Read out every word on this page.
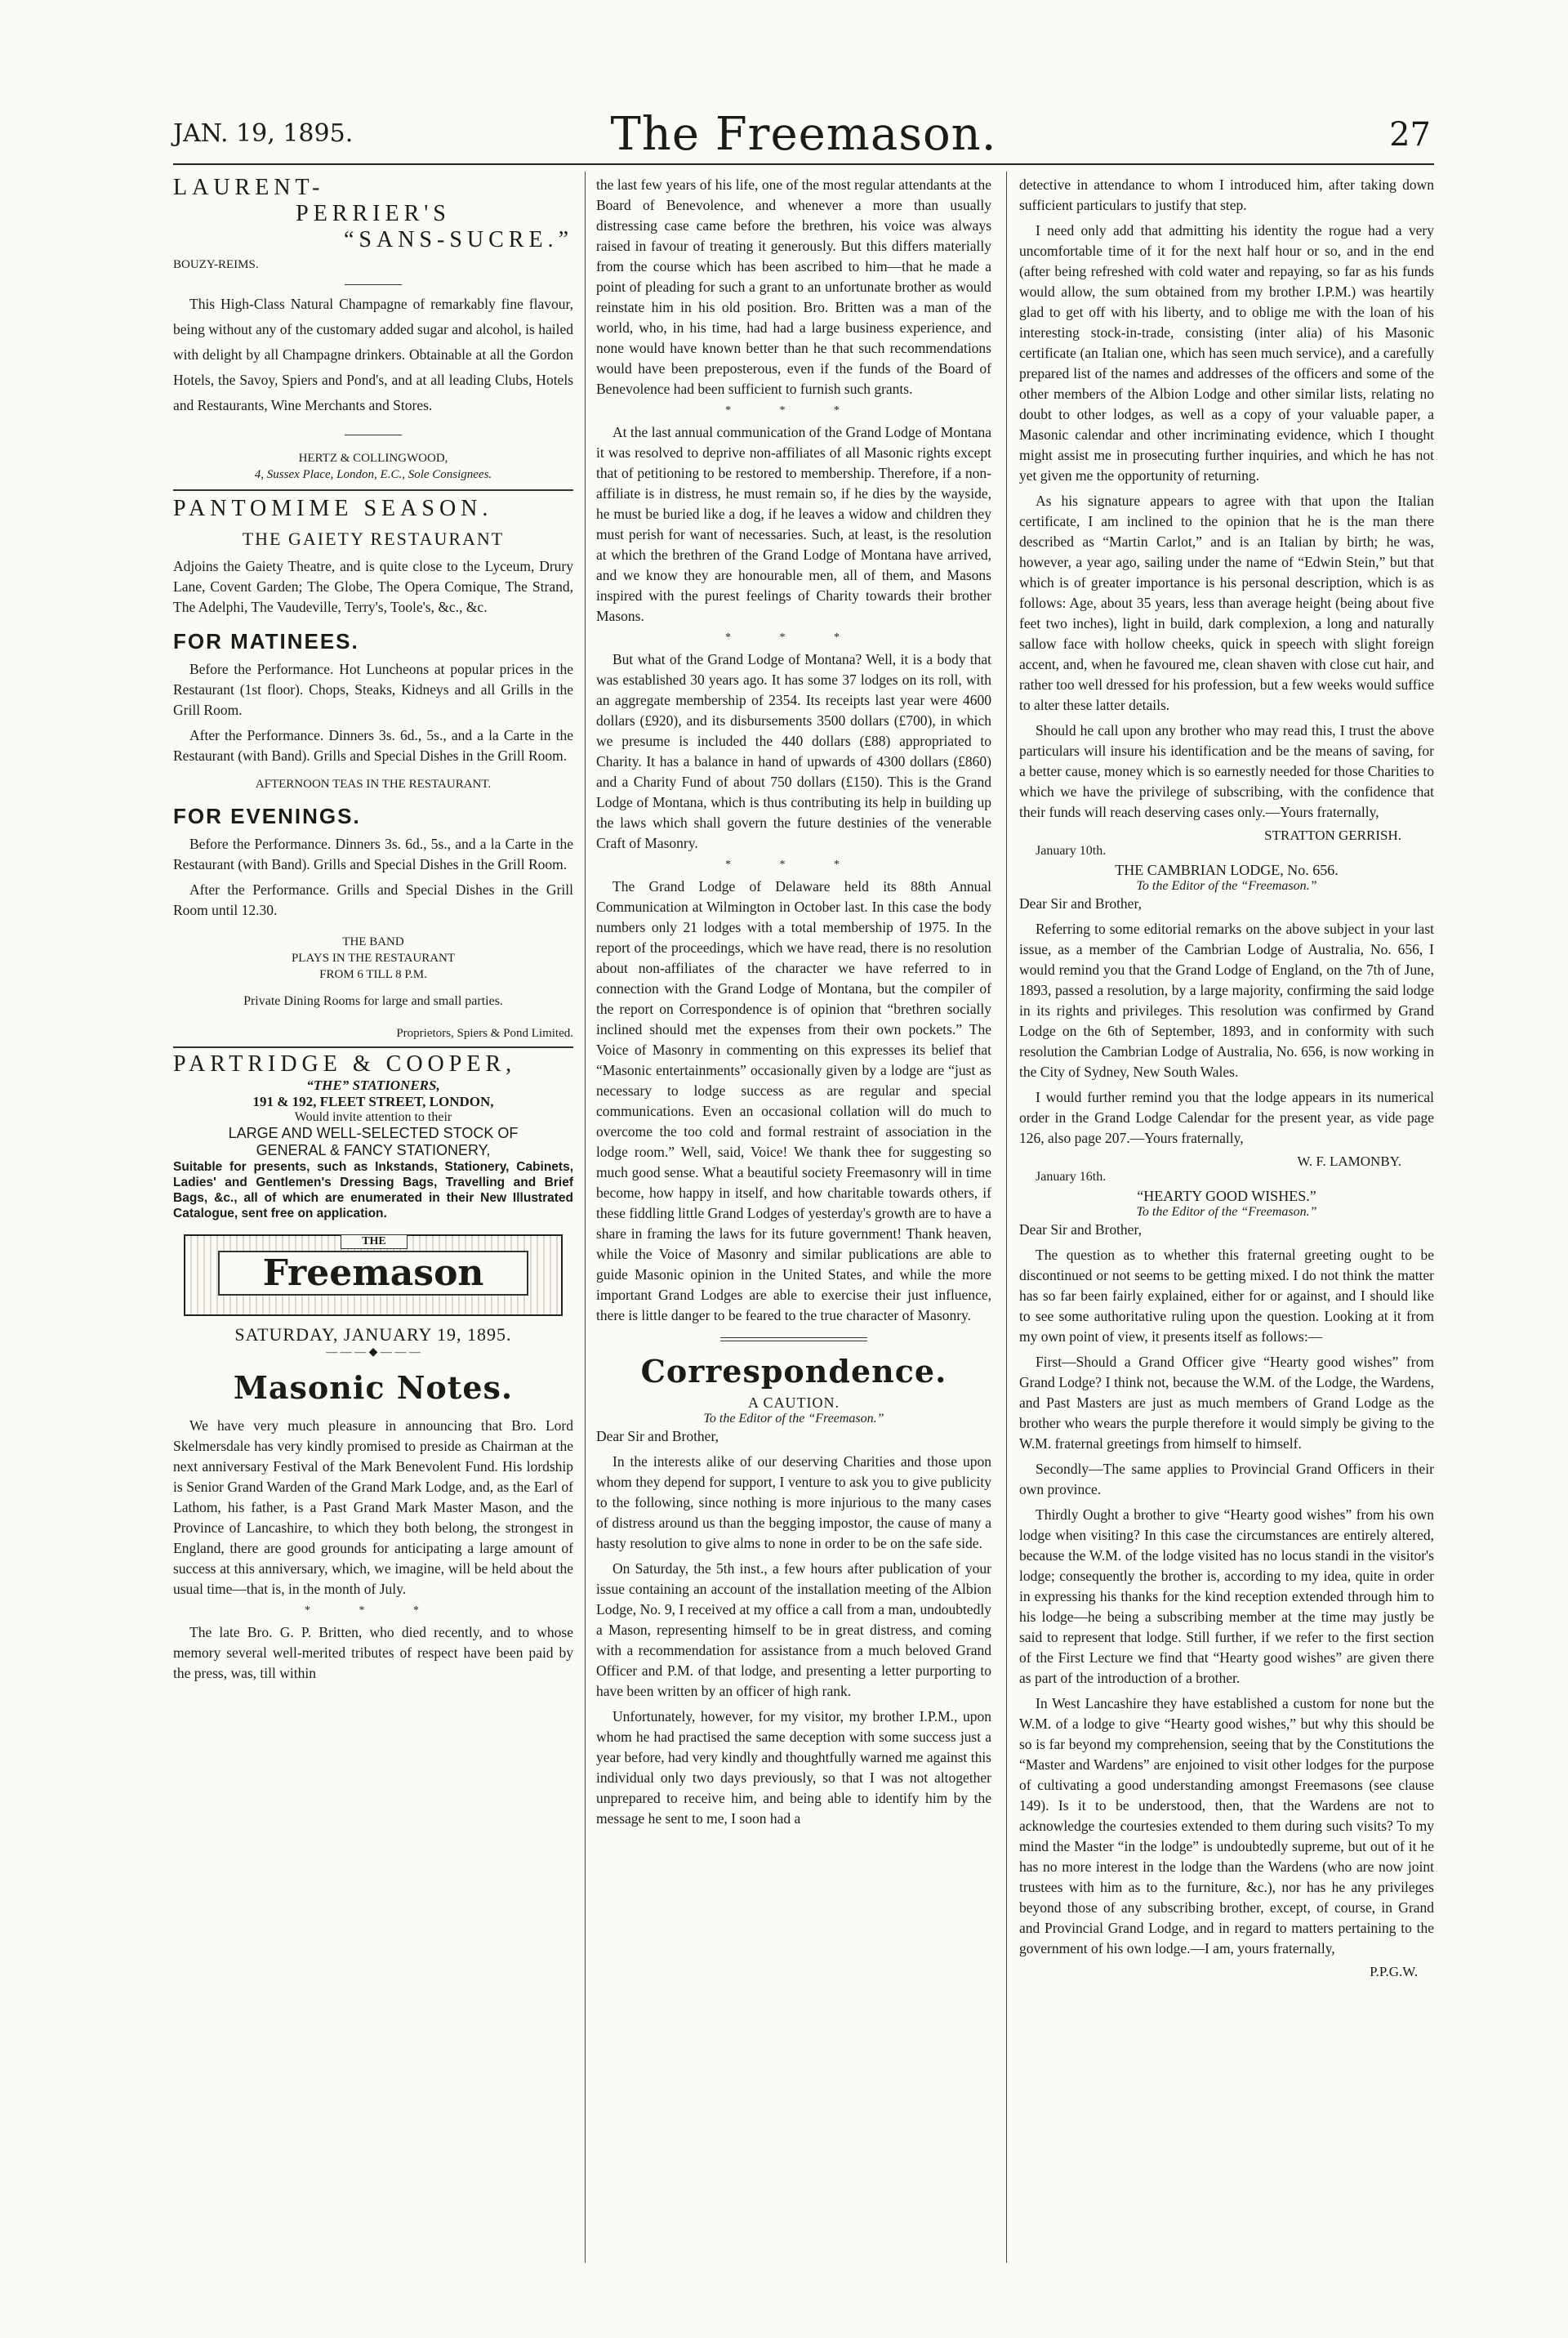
JAN. 19, 1895.	The Freemason.	27
LAURENT-
PERRIER'S
“SANS-SUCRE.”
BOUZY-REIMS.

This High-Class Natural Champagne of remarkably fine flavour, being without any of the customary added sugar and alcohol, is hailed with delight by all Champagne drinkers. Obtainable at all the Gordon Hotels, the Savoy, Spiers and Pond's, and at all leading Clubs, Hotels and Restaurants, Wine Merchants and Stores.

HERTZ & COLLINGWOOD,
4, Sussex Place, London, E.C., Sole Consignees.
PANTOMIME SEASON.
THE GAIETY RESTAURANT

Adjoins the Gaiety Theatre, and is quite close to the Lyceum, Drury Lane, Covent Garden; The Globe, The Opera Comique, The Strand, The Adelphi, The Vaudeville, Terry's, Toole's, &c., &c.

FOR MATINEES.

Before the Performance. Hot Luncheons at popular prices in the Restaurant (1st floor). Chops, Steaks, Kidneys and all Grills in the Grill Room.

After the Performance. Dinners 3s. 6d., 5s., and a la Carte in the Restaurant (with Band). Grills and Special Dishes in the Grill Room.

AFTERNOON TEAS IN THE RESTAURANT.
FOR EVENINGS.

Before the Performance. Dinners 3s. 6d., 5s., and a la Carte in the Restaurant (with Band). Grills and Special Dishes in the Grill Room.

After the Performance. Grills and Special Dishes in the Grill Room until 12.30.

THE BAND
PLAYS IN THE RESTAURANT
FROM 6 TILL 8 P.M.
Private Dining Rooms for large and small parties.
Proprietors, Spiers & Pond Limited.
PARTRIDGE & COOPER,
“THE” STATIONERS,
191 & 192, FLEET STREET, LONDON,
Would invite attention to their
LARGE AND WELL-SELECTED STOCK OF
GENERAL & FANCY STATIONERY,

Suitable for presents, such as Inkstands, Stationery, Cabinets, Ladies' and Gentlemen's Dressing Bags, Travelling and Brief Bags, &c., all of which are enumerated in their New Illustrated Catalogue, sent free on application.

THE
Freemason
SATURDAY, JANUARY 19, 1895.
— — — ◆ — — —
Masonic Notes.

We have very much pleasure in announcing that Bro. Lord Skelmersdale has very kindly promised to preside as Chairman at the next anniversary Festival of the Mark Benevolent Fund. His lordship is Senior Grand Warden of the Grand Mark Lodge, and, as the Earl of Lathom, his father, is a Past Grand Mark Master Mason, and the Province of Lancashire, to which they both belong, the strongest in England, there are good grounds for anticipating a large amount of success at this anniversary, which, we imagine, will be held about the usual time—that is, in the month of July.

* * *

The late Bro. G. P. Britten, who died recently, and to whose memory several well-merited tributes of respect have been paid by the press, was, till within

the last few years of his life, one of the most regular attendants at the Board of Benevolence, and whenever a more than usually distressing case came before the brethren, his voice was always raised in favour of treating it generously. But this differs materially from the course which has been ascribed to him—that he made a point of pleading for such a grant to an unfortunate brother as would reinstate him in his old position. Bro. Britten was a man of the world, who, in his time, had had a large business experience, and none would have known better than he that such recommendations would have been preposterous, even if the funds of the Board of Benevolence had been sufficient to furnish such grants.

* * *

At the last annual communication of the Grand Lodge of Montana it was resolved to deprive non-affiliates of all Masonic rights except that of petitioning to be restored to membership. Therefore, if a non-affiliate is in distress, he must remain so, if he dies by the wayside, he must be buried like a dog, if he leaves a widow and children they must perish for want of necessaries. Such, at least, is the resolution at which the brethren of the Grand Lodge of Montana have arrived, and we know they are honourable men, all of them, and Masons inspired with the purest feelings of Charity towards their brother Masons.

* * *

But what of the Grand Lodge of Montana? Well, it is a body that was established 30 years ago. It has some 37 lodges on its roll, with an aggregate membership of 2354. Its receipts last year were 4600 dollars (£920), and its disbursements 3500 dollars (£700), in which we presume is included the 440 dollars (£88) appropriated to Charity. It has a balance in hand of upwards of 4300 dollars (£860) and a Charity Fund of about 750 dollars (£150). This is the Grand Lodge of Montana, which is thus contributing its help in building up the laws which shall govern the future destinies of the venerable Craft of Masonry.

* * *

The Grand Lodge of Delaware held its 88th Annual Communication at Wilmington in October last. In this case the body numbers only 21 lodges with a total membership of 1975. In the report of the proceedings, which we have read, there is no resolution about non-affiliates of the character we have referred to in connection with the Grand Lodge of Montana, but the compiler of the report on Correspondence is of opinion that “brethren socially inclined should met the expenses from their own pockets.” The Voice of Masonry in commenting on this expresses its belief that “Masonic entertainments” occasionally given by a lodge are “just as necessary to lodge success as are regular and special communications. Even an occasional collation will do much to overcome the too cold and formal restraint of association in the lodge room.” Well, said, Voice! We thank thee for suggesting so much good sense. What a beautiful society Freemasonry will in time become, how happy in itself, and how charitable towards others, if these fiddling little Grand Lodges of yesterday's growth are to have a share in framing the laws for its future government! Thank heaven, while the Voice of Masonry and similar publications are able to guide Masonic opinion in the United States, and while the more important Grand Lodges are able to exercise their just influence, there is little danger to be feared to the true character of Masonry.

Correspondence.
A CAUTION.
To the Editor of the “Freemason.”

Dear Sir and Brother,

In the interests alike of our deserving Charities and those upon whom they depend for support, I venture to ask you to give publicity to the following, since nothing is more injurious to the many cases of distress around us than the begging impostor, the cause of many a hasty resolution to give alms to none in order to be on the safe side.

On Saturday, the 5th inst., a few hours after publication of your issue containing an account of the installation meeting of the Albion Lodge, No. 9, I received at my office a call from a man, undoubtedly a Mason, representing himself to be in great distress, and coming with a recommendation for assistance from a much beloved Grand Officer and P.M. of that lodge, and presenting a letter purporting to have been written by an officer of high rank.

Unfortunately, however, for my visitor, my brother I.P.M., upon whom he had practised the same deception with some success just a year before, had very kindly and thoughtfully warned me against this individual only two days previously, so that I was not altogether unprepared to receive him, and being able to identify him by the message he sent to me, I soon had a

detective in attendance to whom I introduced him, after taking down sufficient particulars to justify that step.

I need only add that admitting his identity the rogue had a very uncomfortable time of it for the next half hour or so, and in the end (after being refreshed with cold water and repaying, so far as his funds would allow, the sum obtained from my brother I.P.M.) was heartily glad to get off with his liberty, and to oblige me with the loan of his interesting stock-in-trade, consisting (inter alia) of his Masonic certificate (an Italian one, which has seen much service), and a carefully prepared list of the names and addresses of the officers and some of the other members of the Albion Lodge and other similar lists, relating no doubt to other lodges, as well as a copy of your valuable paper, a Masonic calendar and other incriminating evidence, which I thought might assist me in prosecuting further inquiries, and which he has not yet given me the opportunity of returning.

As his signature appears to agree with that upon the Italian certificate, I am inclined to the opinion that he is the man there described as “Martin Carlot,” and is an Italian by birth; he was, however, a year ago, sailing under the name of “Edwin Stein,” but that which is of greater importance is his personal description, which is as follows: Age, about 35 years, less than average height (being about five feet two inches), light in build, dark complexion, a long and naturally sallow face with hollow cheeks, quick in speech with slight foreign accent, and, when he favoured me, clean shaven with close cut hair, and rather too well dressed for his profession, but a few weeks would suffice to alter these latter details.

Should he call upon any brother who may read this, I trust the above particulars will insure his identification and be the means of saving, for a better cause, money which is so earnestly needed for those Charities to which we have the privilege of subscribing, with the confidence that their funds will reach deserving cases only.—Yours fraternally,

STRATTON GERRISH.
January 10th.
THE CAMBRIAN LODGE, No. 656.
To the Editor of the “Freemason.”

Dear Sir and Brother,

Referring to some editorial remarks on the above subject in your last issue, as a member of the Cambrian Lodge of Australia, No. 656, I would remind you that the Grand Lodge of England, on the 7th of June, 1893, passed a resolution, by a large majority, confirming the said lodge in its rights and privileges. This resolution was confirmed by Grand Lodge on the 6th of September, 1893, and in conformity with such resolution the Cambrian Lodge of Australia, No. 656, is now working in the City of Sydney, New South Wales.

I would further remind you that the lodge appears in its numerical order in the Grand Lodge Calendar for the present year, as vide page 126, also page 207.—Yours fraternally,

W. F. LAMONBY.
January 16th.
“HEARTY GOOD WISHES.”
To the Editor of the “Freemason.”

Dear Sir and Brother,

The question as to whether this fraternal greeting ought to be discontinued or not seems to be getting mixed. I do not think the matter has so far been fairly explained, either for or against, and I should like to see some authoritative ruling upon the question. Looking at it from my own point of view, it presents itself as follows:—

First—Should a Grand Officer give “Hearty good wishes” from Grand Lodge? I think not, because the W.M. of the Lodge, the Wardens, and Past Masters are just as much members of Grand Lodge as the brother who wears the purple therefore it would simply be giving to the W.M. fraternal greetings from himself to himself.

Secondly—The same applies to Provincial Grand Officers in their own province.

Thirdly Ought a brother to give “Hearty good wishes” from his own lodge when visiting? In this case the circumstances are entirely altered, because the W.M. of the lodge visited has no locus standi in the visitor's lodge; consequently the brother is, according to my idea, quite in order in expressing his thanks for the kind reception extended through him to his lodge—he being a subscribing member at the time may justly be said to represent that lodge. Still further, if we refer to the first section of the First Lecture we find that “Hearty good wishes” are given there as part of the introduction of a brother.

In West Lancashire they have established a custom for none but the W.M. of a lodge to give “Hearty good wishes,” but why this should be so is far beyond my comprehension, seeing that by the Constitutions the “Master and Wardens” are enjoined to visit other lodges for the purpose of cultivating a good understanding amongst Freemasons (see clause 149). Is it to be understood, then, that the Wardens are not to acknowledge the courtesies extended to them during such visits? To my mind the Master “in the lodge” is undoubtedly supreme, but out of it he has no more interest in the lodge than the Wardens (who are now joint trustees with him as to the furniture, &c.), nor has he any privileges beyond those of any subscribing brother, except, of course, in Grand and Provincial Grand Lodge, and in regard to matters pertaining to the government of his own lodge.—I am, yours fraternally,

P.P.G.W.
